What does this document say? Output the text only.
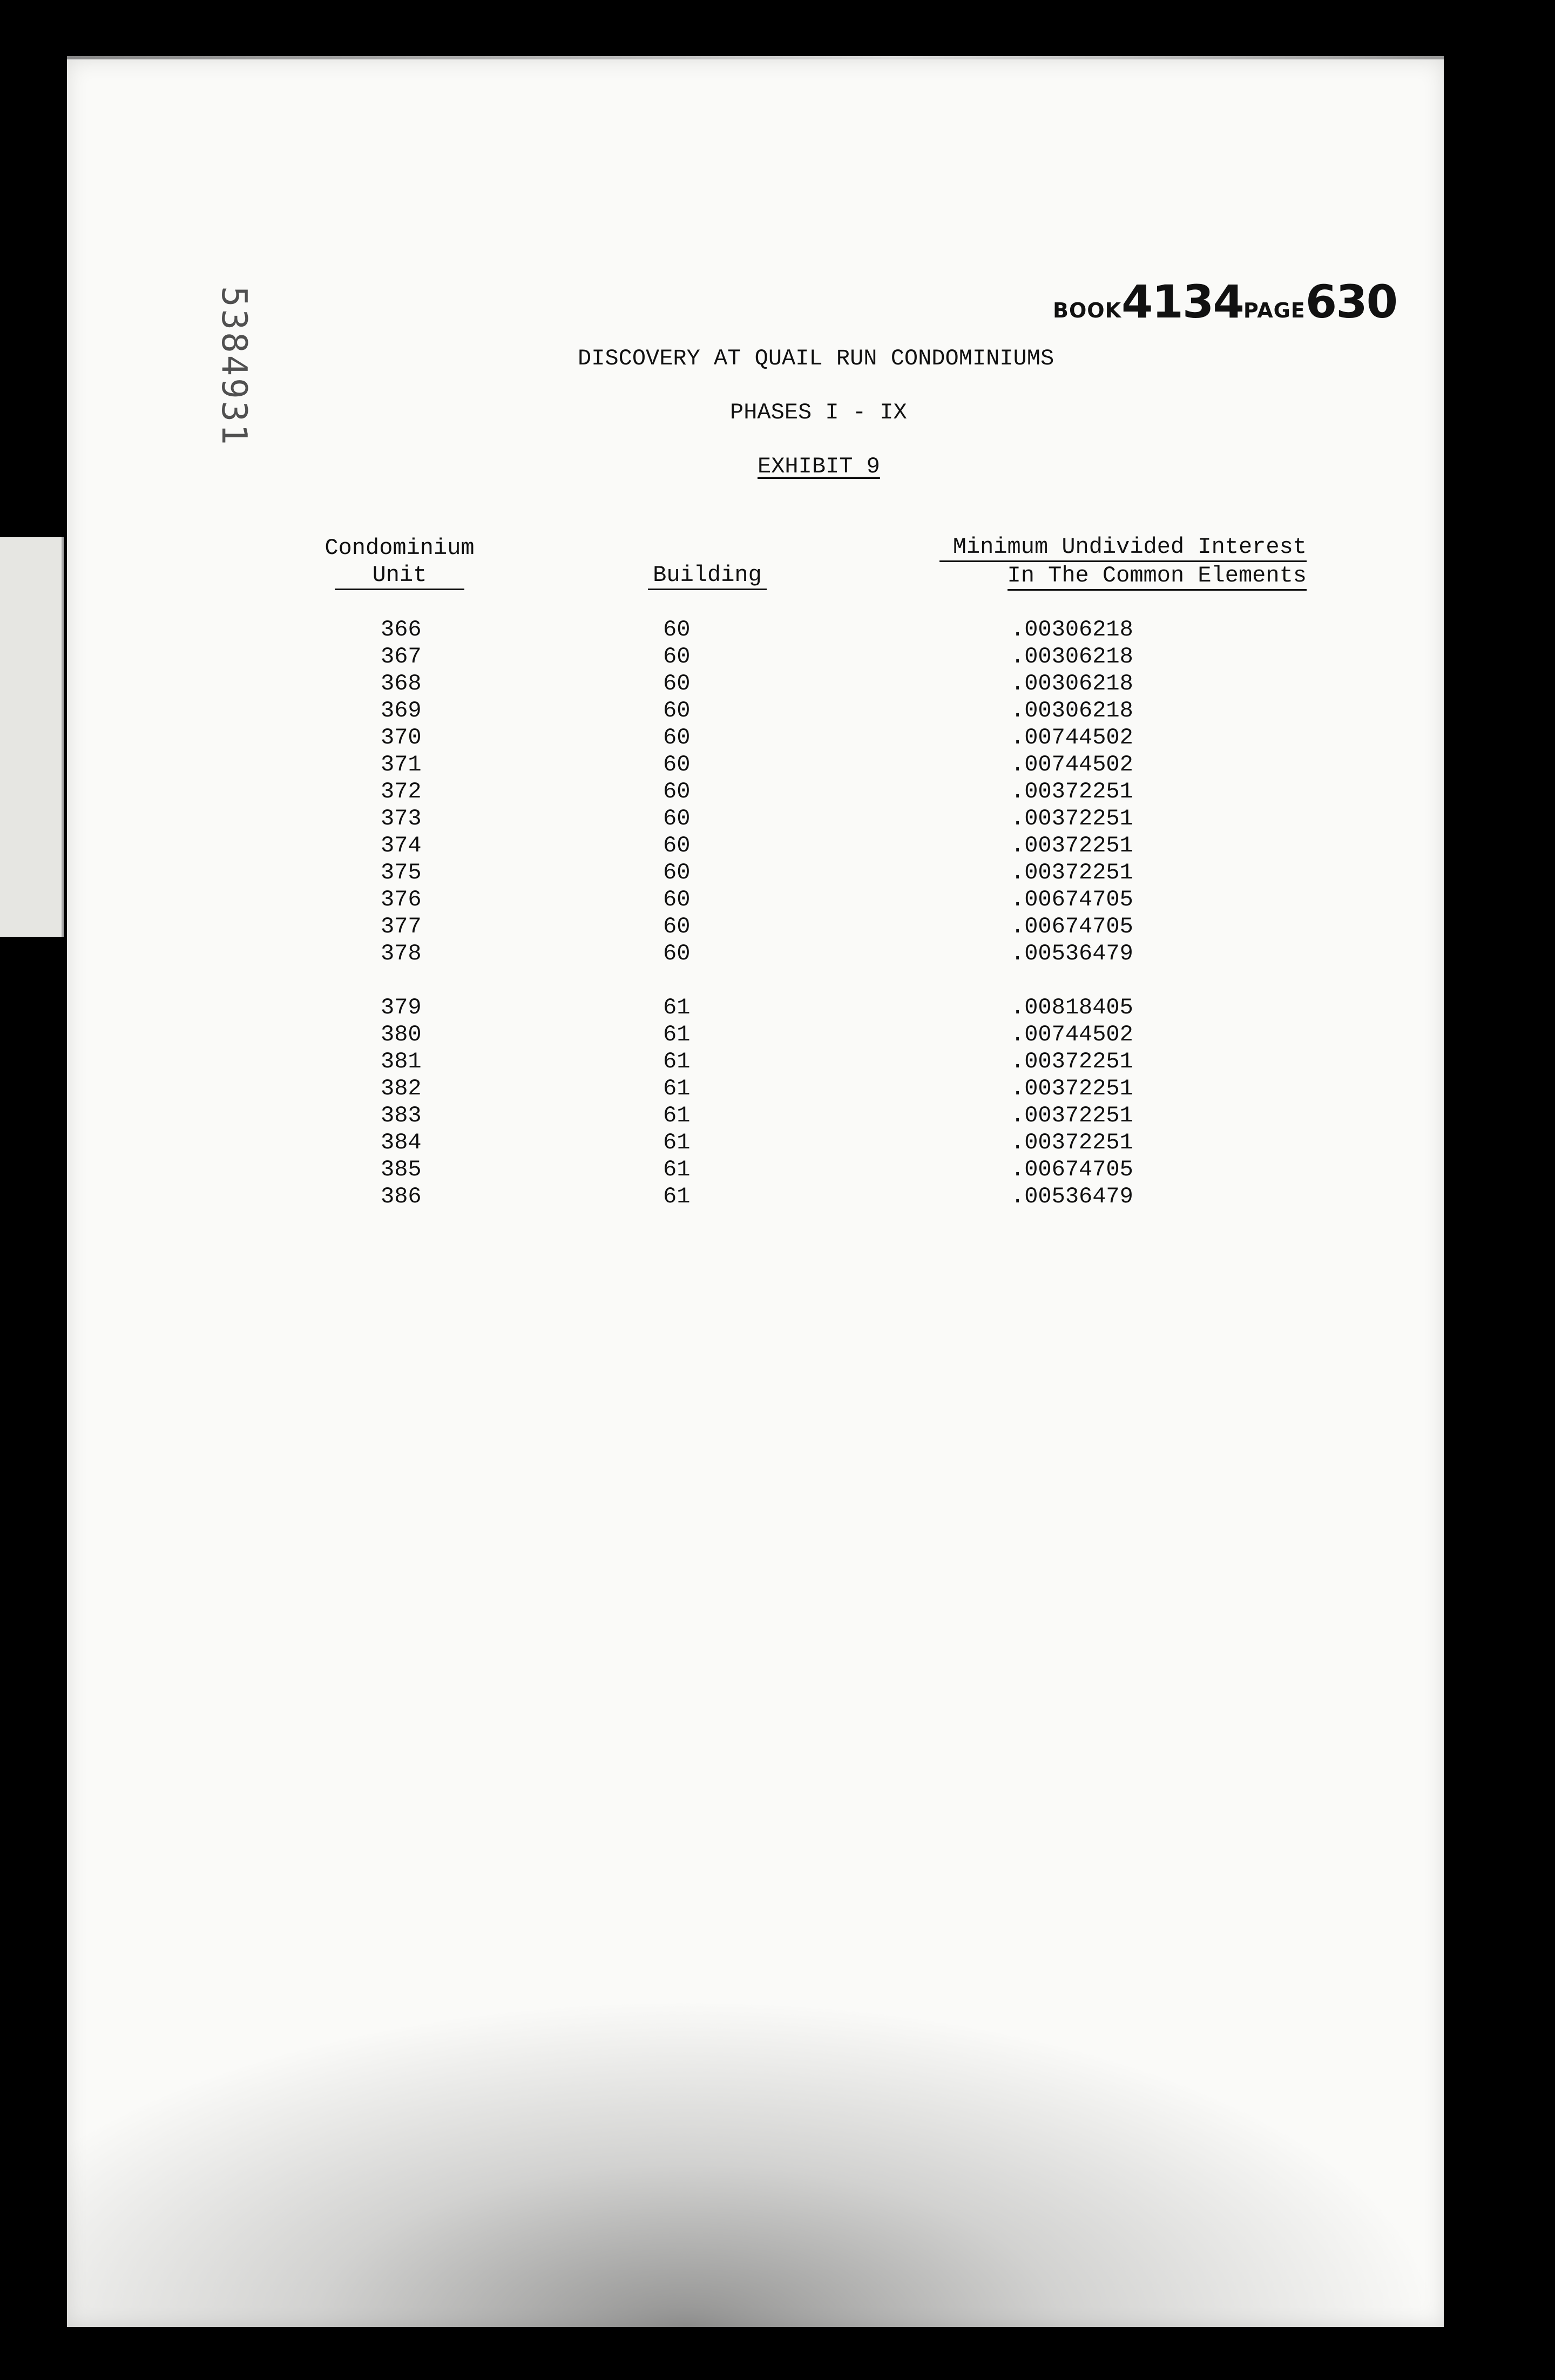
5384931	BOOK4134PAGE630
DISCOVERY AT QUAIL RUN CONDOMINIUMS
PHASES I - IX
EXHIBIT 9
Condominium
Unit	Building
Minimum Undivided Interest
In The Common Elements
366	60	.00306218
367	60	.00306218
368	60	.00306218
369	60	.00306218
370	60	.00744502
371	60	.00744502
372	60	.00372251
373	60	.00372251
374	60	.00372251
375	60	.00372251
376	60	.00674705
377	60	.00674705
378	60	.00536479
379	61	.00818405
380	61	.00744502
381	61	.00372251
382	61	.00372251
383	61	.00372251
384	61	.00372251
385	61	.00674705
386	61	.00536479
